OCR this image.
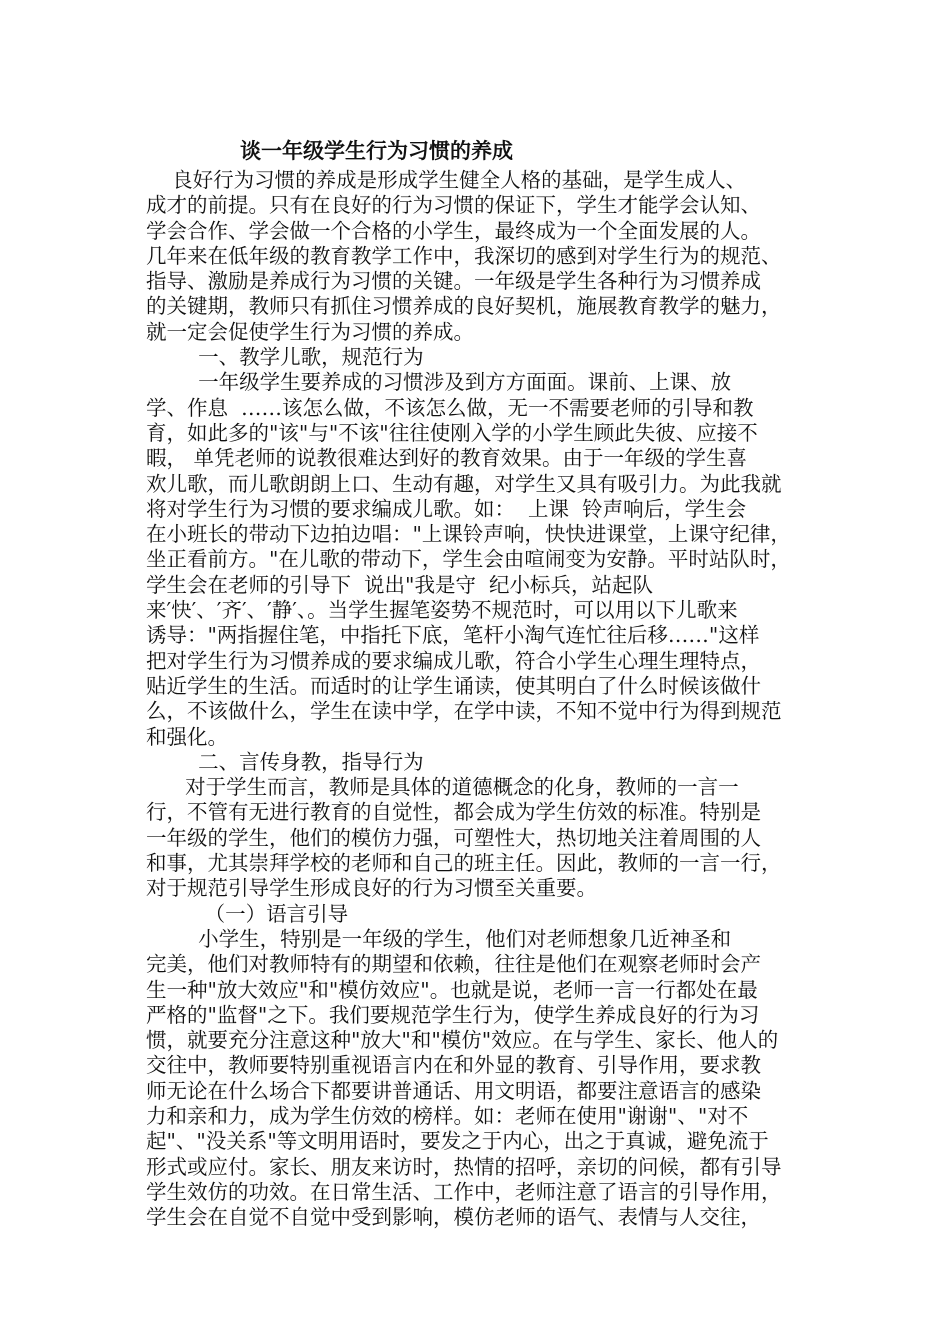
谈一年级学生行为习惯的养成
良好行为习惯的养成是形成学生健全人格的基础，是学生成人、
成才的前提。只有在良好的行为习惯的保证下，学生才能学会认知、
学会合作、学会做一个合格的小学生，最终成为一个全面发展的人。
几年来在低年级的教育教学工作中，我深切的感到对学生行为的规范、
指导、激励是养成行为习惯的关键。一年级是学生各种行为习惯养成
的关键期，教师只有抓住习惯养成的良好契机，施展教育教学的魅力，
就一定会促使学生行为习惯的养成。
一、教学儿歌，规范行为
一年级学生要养成的习惯涉及到方方面面。课前、上课、放
学、作息  ……该怎么做，不该怎么做，无一不需要老师的引导和教
育，如此多的"该"与"不该"往往使刚入学的小学生顾此失彼、应接不
暇， 单凭老师的说教很难达到好的教育效果。由于一年级的学生喜
欢儿歌，而儿歌朗朗上口、生动有趣，对学生又具有吸引力。为此我就
将对学生行为习惯的要求编成儿歌。如：  上课  铃声响后，学生会
在小班长的带动下边拍边唱："上课铃声响，快快进课堂，上课守纪律，
坐正看前方。"在儿歌的带动下，学生会由喧闹变为安静。平时站队时，
学生会在老师的引导下  说出"我是守  纪小标兵，站起队
来′快′、′齐′、′静′、。当学生握笔姿势不规范时，可以用以下儿歌来
诱导："两指握住笔，中指托下底，笔杆小淘气连忙往后移……"这样
把对学生行为习惯养成的要求编成儿歌，符合小学生心理生理特点，
贴近学生的生活。而适时的让学生诵读，使其明白了什么时候该做什
么，不该做什么，学生在读中学，在学中读，不知不觉中行为得到规范
和强化。
二、言传身教，指导行为
对于学生而言，教师是具体的道德概念的化身，教师的一言一
行，不管有无进行教育的自觉性，都会成为学生仿效的标准。特别是
一年级的学生，他们的模仿力强，可塑性大，热切地关注着周围的人
和事，尤其崇拜学校的老师和自己的班主任。因此，教师的一言一行，
对于规范引导学生形成良好的行为习惯至关重要。
（一）语言引导
小学生，特别是一年级的学生，他们对老师想象几近神圣和
完美，他们对教师特有的期望和依赖，往往是他们在观察老师时会产
生一种"放大效应"和"模仿效应"。也就是说，老师一言一行都处在最
严格的"监督"之下。我们要规范学生行为，使学生养成良好的行为习
惯，就要充分注意这种"放大"和"模仿"效应。在与学生、家长、他人的
交往中，教师要特别重视语言内在和外显的教育、引导作用，要求教
师无论在什么场合下都要讲普通话、用文明语，都要注意语言的感染
力和亲和力，成为学生仿效的榜样。如：老师在使用"谢谢"、"对不
起"、"没关系"等文明用语时，要发之于内心，出之于真诚，避免流于
形式或应付。家长、朋友来访时，热情的招呼，亲切的问候，都有引导
学生效仿的功效。在日常生活、工作中，老师注意了语言的引导作用，
学生会在自觉不自觉中受到影响，模仿老师的语气、表情与人交往，
